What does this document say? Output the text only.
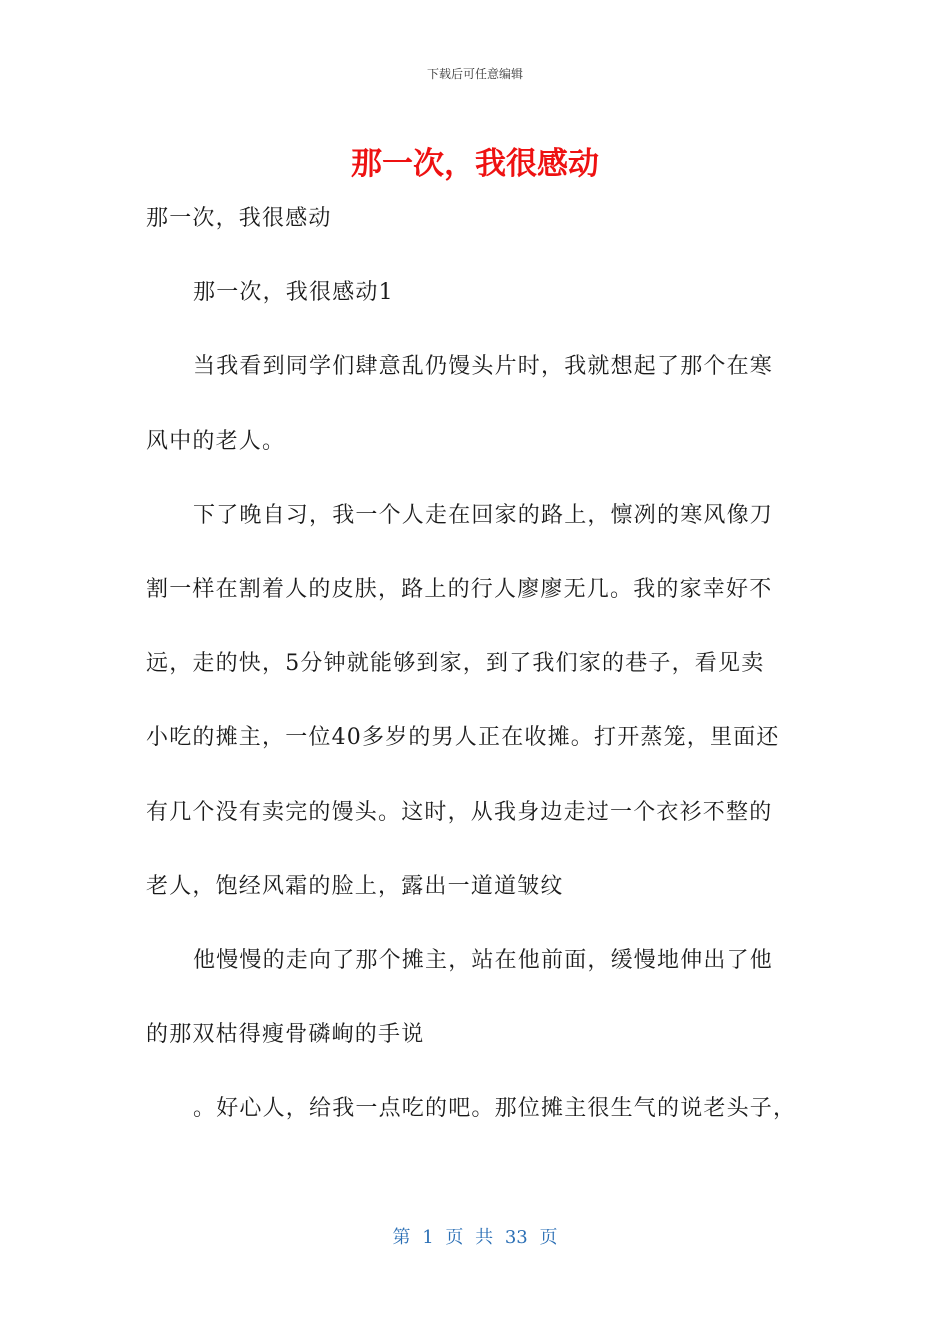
下载后可任意编辑
那一次，我很感动
那一次，我很感动
那一次，我很感动1
当我看到同学们肆意乱仍馒头片时，我就想起了那个在寒
风中的老人。
下了晚自习，我一个人走在回家的路上，懔冽的寒风像刀
割一样在割着人的皮肤，路上的行人廖廖无几。我的家幸好不
远，走的快，5分钟就能够到家，到了我们家的巷子，看见卖
小吃的摊主，一位40多岁的男人正在收摊。打开蒸笼，里面还
有几个没有卖完的馒头。这时，从我身边走过一个衣衫不整的
老人，饱经风霜的脸上，露出一道道皱纹
他慢慢的走向了那个摊主，站在他前面，缓慢地伸出了他
的那双枯得瘦骨磷峋的手说
。好心人，给我一点吃的吧。那位摊主很生气的说老头子，
第 1 页 共 33 页
